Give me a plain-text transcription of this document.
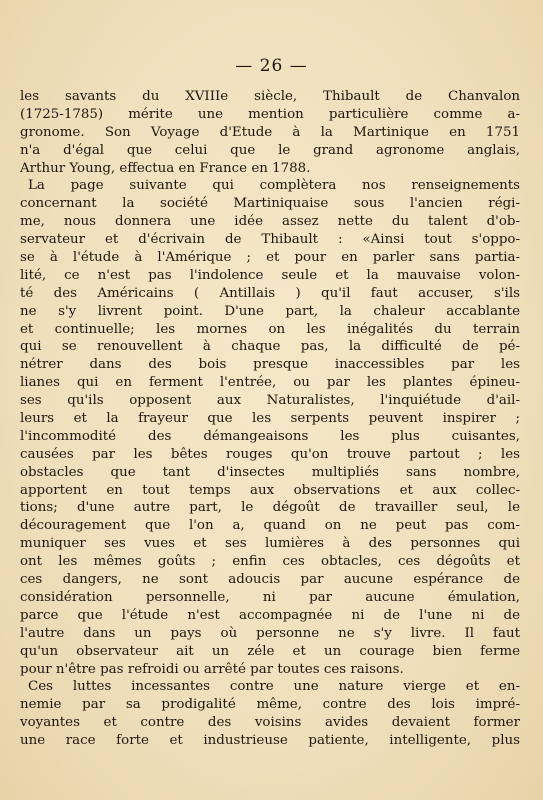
— 26 —
les savants du XVIIIe siècle, Thibault de Chanvalon
(1725-1785) mérite une mention particulière comme a-
gronome. Son Voyage d'Etude à la Martinique en 1751
n'a d'égal que celui que le grand agronome anglais,
Arthur Young, effectua en France en 1788.
La page suivante qui complètera nos renseignements
concernant la société Martiniquaise sous l'ancien régi-
me, nous donnera une idée assez nette du talent d'ob-
servateur et d'écrivain de Thibault : «Ainsi tout s'oppo-
se à l'étude à l'Amérique ; et pour en parler sans partia-
lité, ce n'est pas l'indolence seule et la mauvaise volon-
té des Américains ( Antillais ) qu'il faut accuser, s'ils
ne s'y livrent point. D'une part, la chaleur accablante
et continuelle; les mornes on les inégalités du terrain
qui se renouvellent à chaque pas, la difficulté de pé-
nétrer dans des bois presque inaccessibles par les
lianes qui en ferment l'entrée, ou par les plantes épineu-
ses qu'ils opposent aux Naturalistes, l'inquiétude d'ail-
leurs et la frayeur que les serpents peuvent inspirer ;
l'incommodité des démangeaisons les plus cuisantes,
causées par les bêtes rouges qu'on trouve partout ; les
obstacles que tant d'insectes multipliés sans nombre,
apportent en tout temps aux observations et aux collec-
tions; d'une autre part, le dégoût de travailler seul, le
découragement que l'on a, quand on ne peut pas com-
muniquer ses vues et ses lumières à des personnes qui
ont les mêmes goûts ; enfin ces obtacles, ces dégoûts et
ces dangers, ne sont adoucis par aucune espérance de
considération personnelle, ni par aucune émulation,
parce que l'étude n'est accompagnée ni de l'une ni de
l'autre dans un pays où personne ne s'y livre. Il faut
qu'un observateur ait un zéle et un courage bien ferme
pour n'être pas refroidi ou arrêté par toutes ces raisons.
Ces luttes incessantes contre une nature vierge et en-
nemie par sa prodigalité même, contre des lois impré-
voyantes et contre des voisins avides devaient former
une race forte et industrieuse patiente, intelligente, plus
